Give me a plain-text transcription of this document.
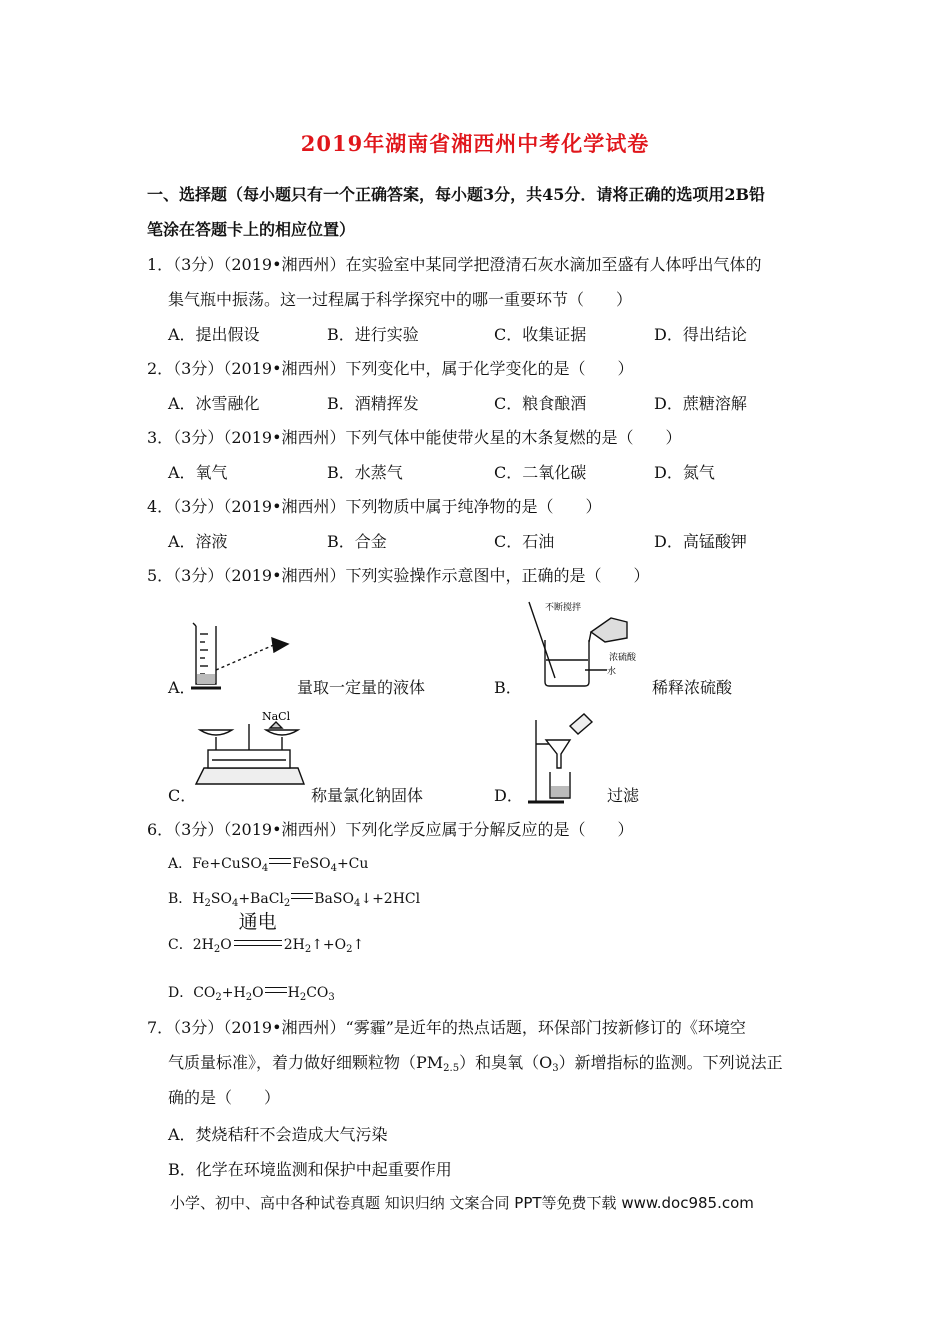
2019年湖南省湘西州中考化学试卷
一、选择题（每小题只有一个正确答案，每小题3分，共45分．请将正确的选项用2B铅
笔涂在答题卡上的相应位置）
1．（3分）（2019•湘西州）在实验室中某同学把澄清石灰水滴加至盛有人体呼出气体的
集气瓶中振荡。这一过程属于科学探究中的哪一重要环节（　　）
A．提出假设	B．进行实验	C．收集证据	D．得出结论
2．（3分）（2019•湘西州）下列变化中，属于化学变化的是（　　）
A．冰雪融化	B．酒精挥发	C．粮食酿酒	D．蔗糖溶解
3．（3分）（2019•湘西州）下列气体中能使带火星的木条复燃的是（　　）
A．氧气	B．水蒸气	C．二氧化碳	D．氮气
4．（3分）（2019•湘西州）下列物质中属于纯净物的是（　　）
A．溶液	B．合金	C．石油	D．高锰酸钾
5．（3分）（2019•湘西州）下列实验操作示意图中，正确的是（　　）
A．	量取一定量的液体
不断搅拌
浓硫酸
水
B．	稀释浓硫酸
NaCl
C．	称量氯化钠固体	D．	过滤
6．（3分）（2019•湘西州）下列化学反应属于分解反应的是（　　）
A．Fe+CuSO$_4$ FeSO$_4$+Cu
B．$H_2SO_4+BaCl_2$ BaSO$_4$↓+2HCl
C．$2H_2O$
通电
$2H_2↑+O_2↑$
D．$CO_2+H_2O$ $H_2CO_3$
7．（3分）（2019•湘西州）“雾霾”是近年的热点话题，环保部门按新修订的《环境空
气质量标准》，着力做好细颗粒物$(PM_{2.5})$和臭氧$(O_3)$新增指标的监测。下列说法正
确的是（　　）
A．焚烧秸秆不会造成大气污染
B．化学在环境监测和保护中起重要作用
小学、初中、高中各种试卷真题 知识归纳 文案合同 PPT等免费下载 www.doc985.com
